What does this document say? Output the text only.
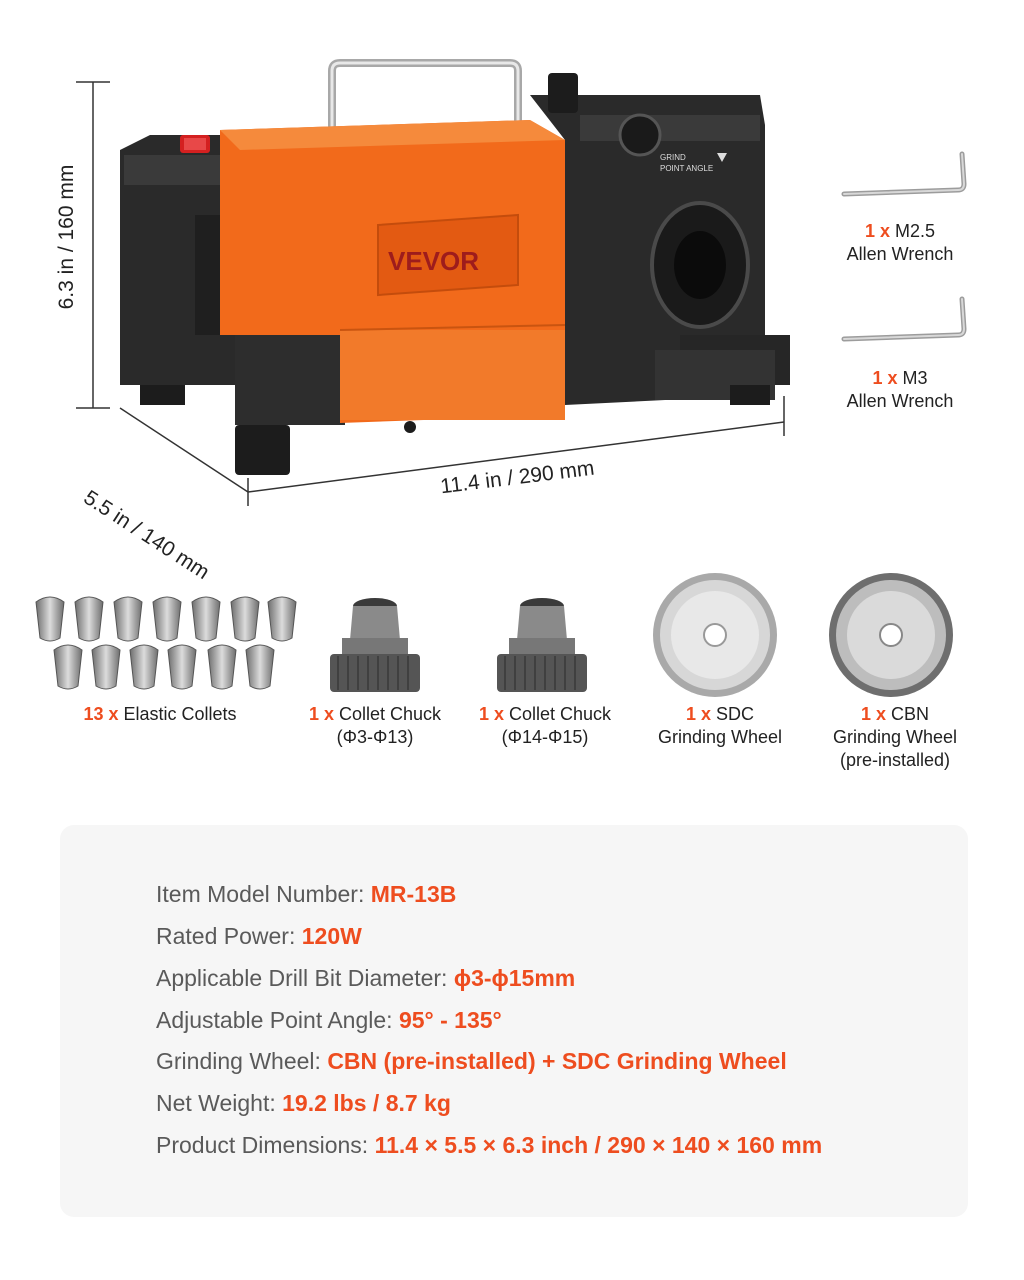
6.3 in / 160 mm
5.5 in / 140 mm
11.4 in / 290 mm
VEVOR
GRIND
POINT ANGLE
1 x M2.5
Allen Wrench
1 x M3
Allen Wrench
13 x Elastic Collets	1 x Collet Chuck
(Φ3-Φ13)
1 x Collet Chuck
(Φ14-Φ15)
1 x SDC
Grinding Wheel
1 x CBN
Grinding Wheel
(pre-installed)
Item Model Number: MR-13B
Rated Power: 120W
Applicable Drill Bit Diameter: ɸ3-ɸ15mm
Adjustable Point Angle: 95° - 135°
Grinding Wheel: CBN (pre-installed) + SDC Grinding Wheel
Net Weight: 19.2 lbs / 8.7 kg
Product Dimensions: 11.4 × 5.5 × 6.3 inch / 290 × 140 × 160 mm
